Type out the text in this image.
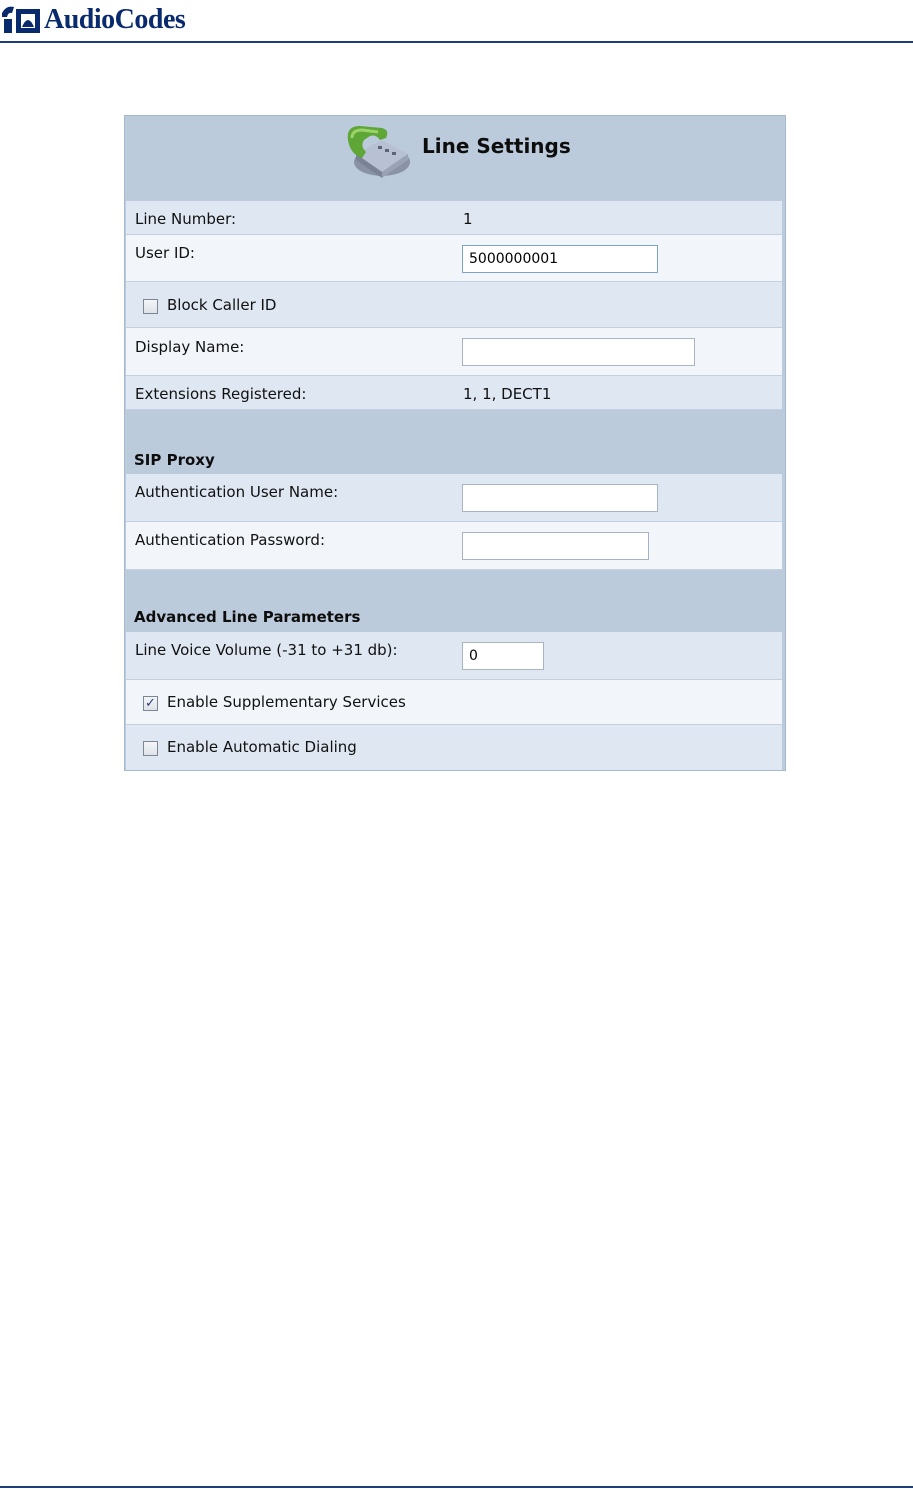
AudioCodes
Line Settings
Line Number:	1
User ID:
5000000001
Block Caller ID
Display Name:
Extensions Registered:	1, 1, DECT1
SIP Proxy
Authentication User Name:
Authentication Password:
Advanced Line Parameters
Line Voice Volume (-31 to +31 db):
0
✓ Enable Supplementary Services
Enable Automatic Dialing
